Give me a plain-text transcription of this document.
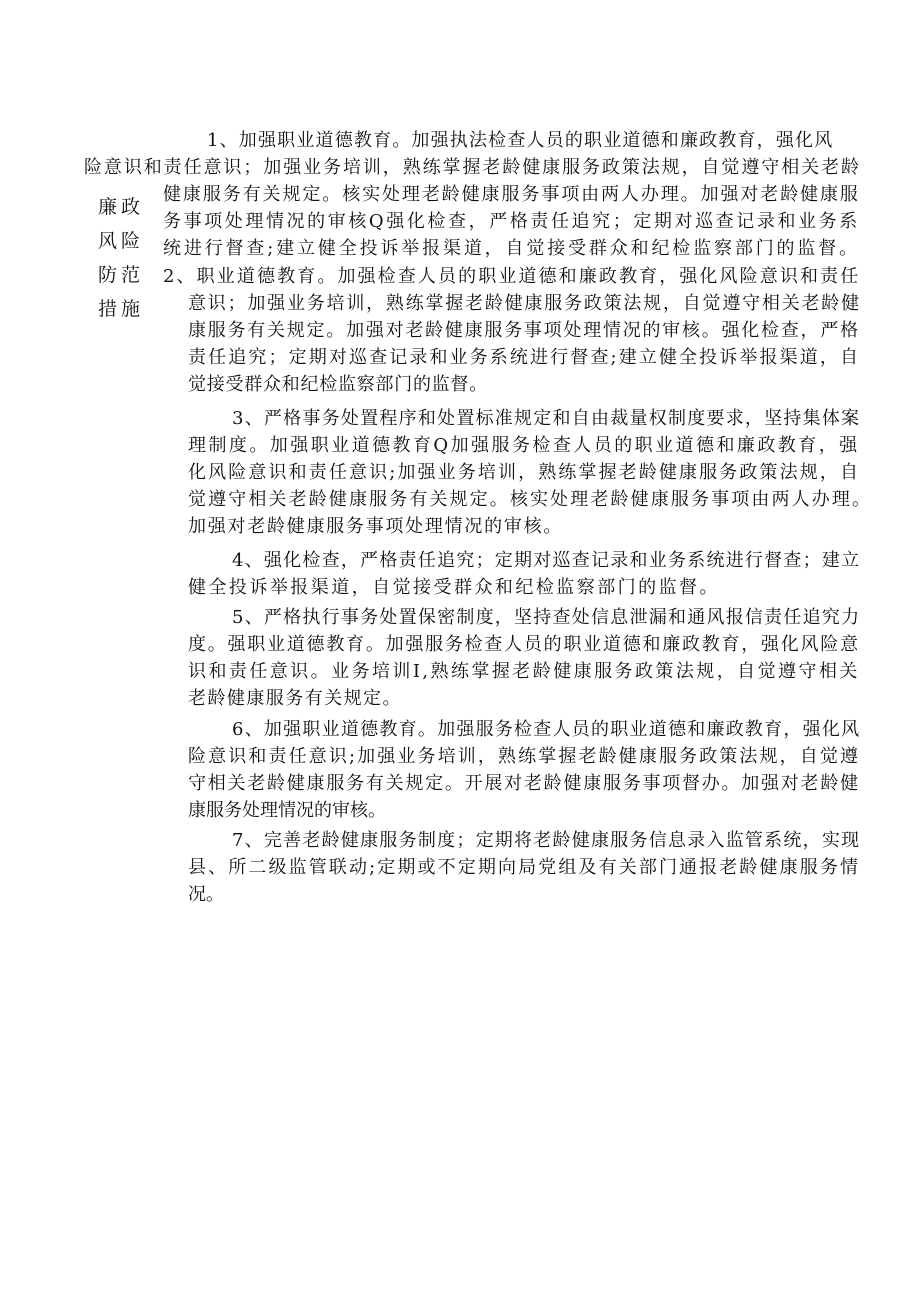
廉政
风险
防范
措施
1、加强职业道德教育。加强执法检查人员的职业道德和廉政教育，强化风
险意识和责任意识；加强业务培训，熟练掌握老龄健康服务政策法规，自觉遵守相关老龄
健康服务有关规定。核实处理老龄健康服务事项由两人办理。加强对老龄健康服
务事项处理情况的审核Q强化检查，严格责任追究；定期对巡查记录和业务系
统进行督查;建立健全投诉举报渠道，自觉接受群众和纪检监察部门的监督。
2、职业道德教育。加强检查人员的职业道德和廉政教育，强化风险意识和责任
意识；加强业务培训，熟练掌握老龄健康服务政策法规，自觉遵守相关老龄健
康服务有关规定。加强对老龄健康服务事项处理情况的审核。强化检查，严格
责任追究；定期对巡查记录和业务系统进行督查;建立健全投诉举报渠道，自
觉接受群众和纪检监察部门的监督。
3、严格事务处置程序和处置标准规定和自由裁量权制度要求，坚持集体案
理制度。加强职业道德教育Q加强服务检查人员的职业道德和廉政教育，强
化风险意识和责任意识;加强业务培训，熟练掌握老龄健康服务政策法规，自
觉遵守相关老龄健康服务有关规定。核实处理老龄健康服务事项由两人办理。
加强对老龄健康服务事项处理情况的审核。
4、强化检查，严格责任追究；定期对巡查记录和业务系统进行督查；建立
健全投诉举报渠道，自觉接受群众和纪检监察部门的监督。
5、严格执行事务处置保密制度，坚持查处信息泄漏和通风报信责任追究力
度。强职业道德教育。加强服务检查人员的职业道德和廉政教育，强化风险意
识和责任意识。业务培训I,熟练掌握老龄健康服务政策法规，自觉遵守相关
老龄健康服务有关规定。
6、加强职业道德教育。加强服务检查人员的职业道德和廉政教育，强化风
险意识和责任意识;加强业务培训，熟练掌握老龄健康服务政策法规，自觉遵
守相关老龄健康服务有关规定。开展对老龄健康服务事项督办。加强对老龄健
康服务处理情况的审核。
7、完善老龄健康服务制度；定期将老龄健康服务信息录入监管系统，实现
县、所二级监管联动;定期或不定期向局党组及有关部门通报老龄健康服务情
况。
